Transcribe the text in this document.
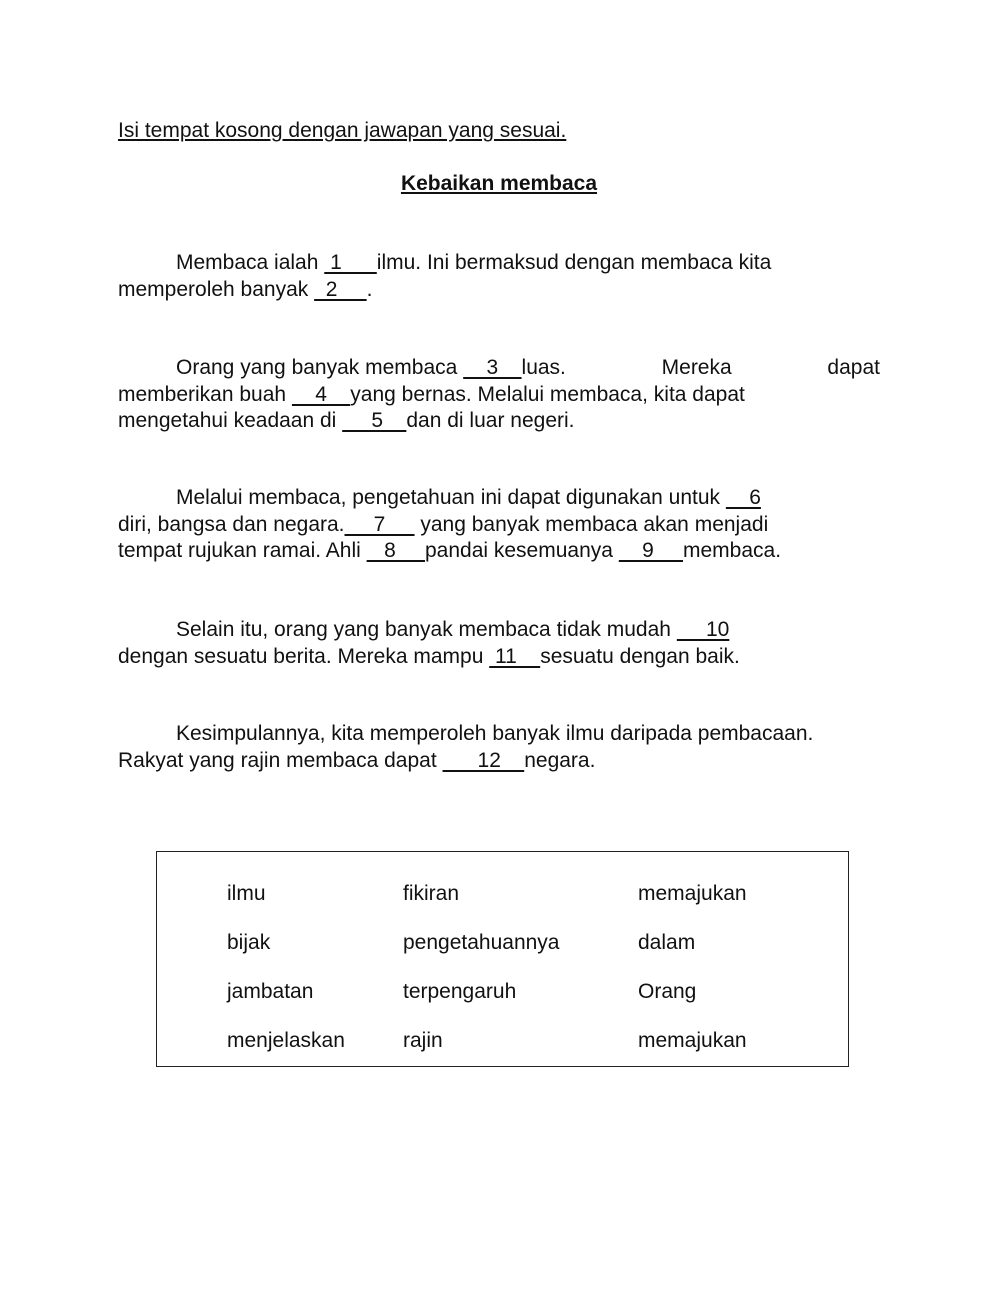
Isi tempat kosong dengan jawapan yang sesuai.

Kebaikan membaca
Membaca ialah  1      ilmu. Ini bermaksud dengan membaca kita
memperoleh banyak   2     .
Orang yang banyak membaca     3    luas.	Mereka	dapat
memberikan buah     4    yang bernas. Melalui membaca, kita dapat
mengetahui keadaan di      5    dan di luar negeri.
Melalui membaca, pengetahuan ini dapat digunakan untuk     6
diri, bangsa dan negara.     7      yang banyak membaca akan menjadi
tempat rujukan ramai. Ahli    8     pandai kesemuanya     9     membaca.
Selain itu, orang yang banyak membaca tidak mudah      10
dengan sesuatu berita. Mereka mampu  11    sesuatu dengan baik.
Kesimpulannya, kita memperoleh banyak ilmu daripada pembacaan.
Rakyat yang rajin membaca dapat       12    negara.
ilmu	fikiran	memajukan
bijak	pengetahuannya	dalam
jambatan	terpengaruh	Orang
menjelaskan	rajin	memajukan
